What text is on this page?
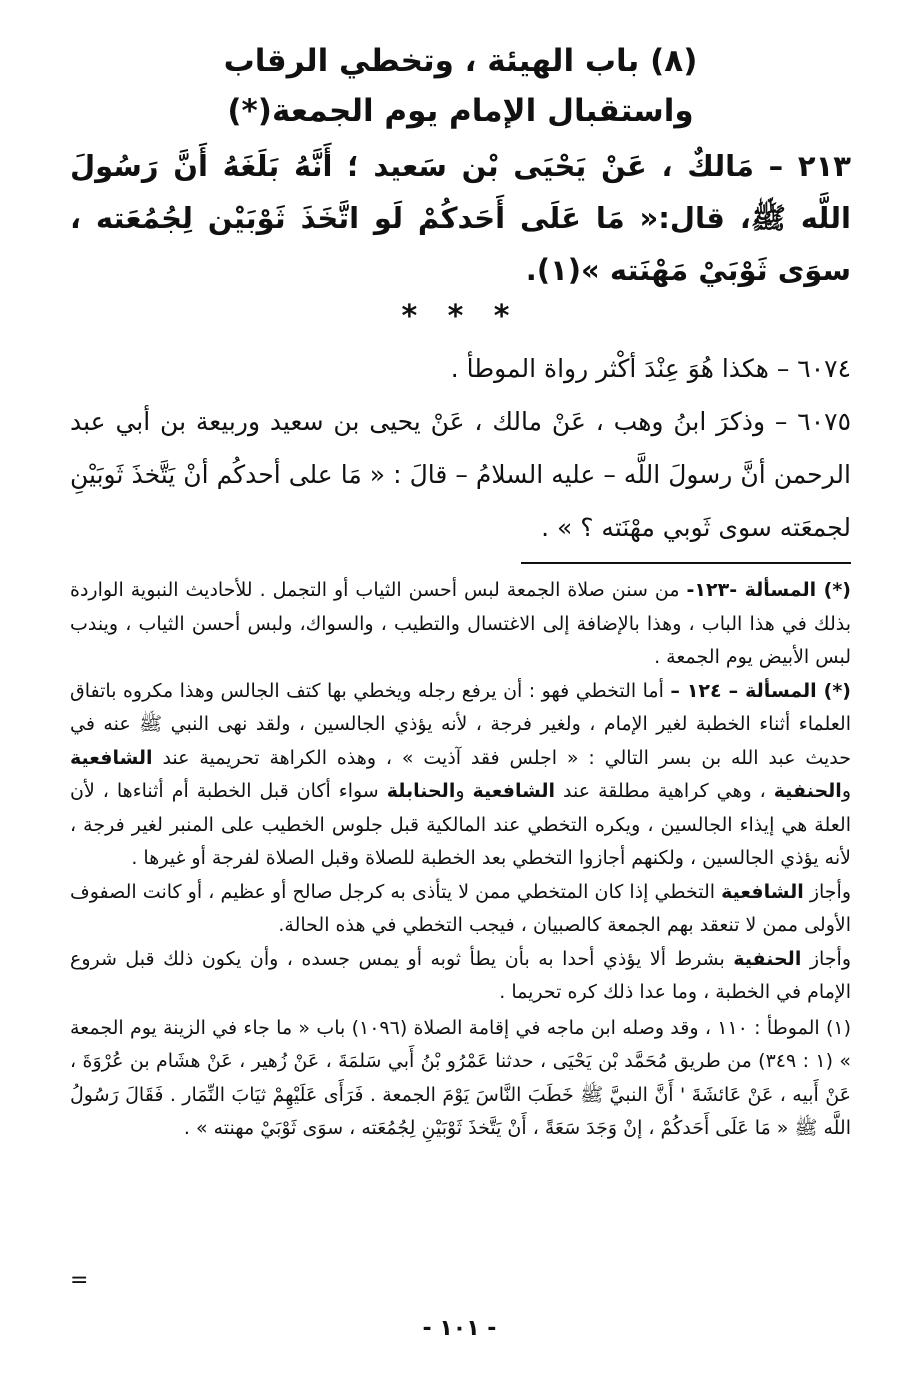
(٨) باب الهيئة ، وتخطي الرقاب
واستقبال الإمام يوم الجمعة(*)
٢١٣ – مَالكٌ ، عَنْ يَحْيَى بْن سَعيد ؛ أَنَّهُ بَلَغَهُ أَنَّ رَسُولَ اللَّه ﷺ، قال:« مَا عَلَى أَحَدكُمْ لَو اتَّخَذَ ثَوْبَيْن لِجُمُعَته ، سوَى ثَوْبَيْ مَهْنَته »(١).
* * *

٦٠٧٤ – هكذا هُوَ عِنْدَ أكْثر رواة الموطأ .

٦٠٧٥ – وذكرَ ابنُ وهب ، عَنْ مالك ، عَنْ يحيى بن سعيد وربيعة بن أبي عبد الرحمن أنَّ رسولَ اللَّه – عليه السلامُ – قالَ : « مَا على أحدكُم أنْ يَتَّخذَ ثَوبَيْنِ لجمعَته سوى ثَوبي مهْنَته ؟ » .

(*) المسألة -١٢٣- من سنن صلاة الجمعة لبس أحسن الثياب أو التجمل . للأحاديث النبوية الواردة بذلك في هذا الباب ، وهذا بالإضافة إلى الاغتسال والتطيب ، والسواك، ولبس أحسن الثياب ، ويندب لبس الأبيض يوم الجمعة .

(*) المسألة – ١٢٤ – أما التخطي فهو : أن يرفع رجله ويخطي بها كتف الجالس وهذا مكروه باتفاق العلماء أثناء الخطبة لغير الإمام ، ولغير فرجة ، لأنه يؤذي الجالسين ، ولقد نهى النبي ﷺ عنه في حديث عبد الله بن بسر التالي : « اجلس فقد آذيت » ، وهذه الكراهة تحريمية عند الشافعية والحنفية ، وهي كراهية مطلقة عند الشافعية والحنابلة سواء أكان قبل الخطبة أم أثناءها ، لأن العلة هي إيذاء الجالسين ، ويكره التخطي عند المالكية قبل جلوس الخطيب على المنبر لغير فرجة ، لأنه يؤذي الجالسين ، ولكنهم أجازوا التخطي بعد الخطبة للصلاة وقبل الصلاة لفرجة أو غيرها .

وأجاز الشافعية التخطي إذا كان المتخطي ممن لا يتأذى به كرجل صالح أو عظيم ، أو كانت الصفوف الأولى ممن لا تنعقد بهم الجمعة كالصبيان ، فيجب التخطي في هذه الحالة.

وأجاز الحنفية بشرط ألا يؤذي أحدا به بأن يطأ ثوبه أو يمس جسده ، وأن يكون ذلك قبل شروع الإمام في الخطبة ، وما عدا ذلك كره تحريما .

(١) الموطأ : ١١٠ ، وقد وصله ابن ماجه في إقامة الصلاة (١٠٩٦) باب « ما جاء في الزينة يوم الجمعة » (١ : ٣٤٩) من طريق مُحَمَّد بْن يَحْيَى ، حدثنا عَمْرُو بْنُ أَبي سَلمَةَ ، عَنْ زُهير ، عَنْ هشَام بن عُرْوَةَ ، عَنْ أَبيه ، عَنْ عَائشَةَ ' أَنَّ النبيَّ ﷺ خَطَبَ النَّاسَ يَوْمَ الجمعة . فَرَأَى عَلَيْهِمْ ثيَابَ النِّمَار . فَقَالَ رَسُولُ اللَّه ﷺ « مَا عَلَى أَحَدكُمْ ، إنْ وَجَدَ سَعَةً ، أَنْ يَتَّخذَ ثَوْبَيْنِ لِجُمُعَته ، سوَى ثَوْبَيْ مهنته » .

=
- ١٠١ -
